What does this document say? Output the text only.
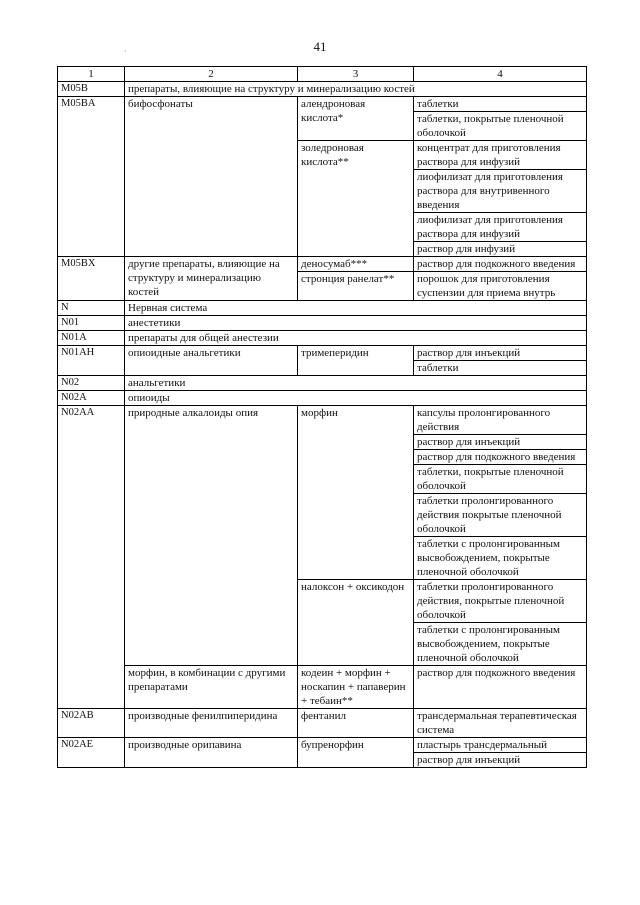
41
·
1	2	3	4
M05B	препараты, влияющие на структуру и минерализацию костей		
M05BA	бифосфонаты	алендроновая кислота*	таблетки
			таблетки, покрытые пленочной оболочкой
		золедроновая кислота**	концентрат для приготовления раствора для инфузий
			лиофилизат для приготовления раствора для внутривенного введения
			лиофилизат для приготовления раствора для инфузий
			раствор для инфузий
M05BX	другие препараты, влияющие на структуру и минерализацию костей	деносумаб***	раствор для подкожного введения
		стронция ранелат**	порошок для приготовления суспензии для приема внутрь
N	Нервная система		
N01	анестетики		
N01A	препараты для общей анестезии		
N01AH	опиоидные анальгетики	тримеперидин	раствор для инъекций
			таблетки
N02	анальгетики		
N02A	опиоиды		
N02AA	природные алкалоиды опия	морфин	капсулы пролонгированного действия
			раствор для инъекций
			раствор для подкожного введения
			таблетки, покрытые пленочной оболочкой
			таблетки пролонгированного действия покрытые пленочной оболочкой
			таблетки с пролонгированным высвобождением, покрытые пленочной оболочкой
		налоксон + оксикодон	таблетки пролонгированного действия, покрытые пленочной оболочкой
			таблетки с пролонгированным высвобождением, покрытые пленочной оболочкой
	морфин, в комбинации с другими препаратами	кодеин + морфин + носкапин + папаверин + тебаин**	раствор для подкожного введения
N02AB	производные фенилпиперидина	фентанил	трансдермальная терапевтическая система
N02AE	производные орипавина	бупренорфин	пластырь трансдермальный
			раствор для инъекций
